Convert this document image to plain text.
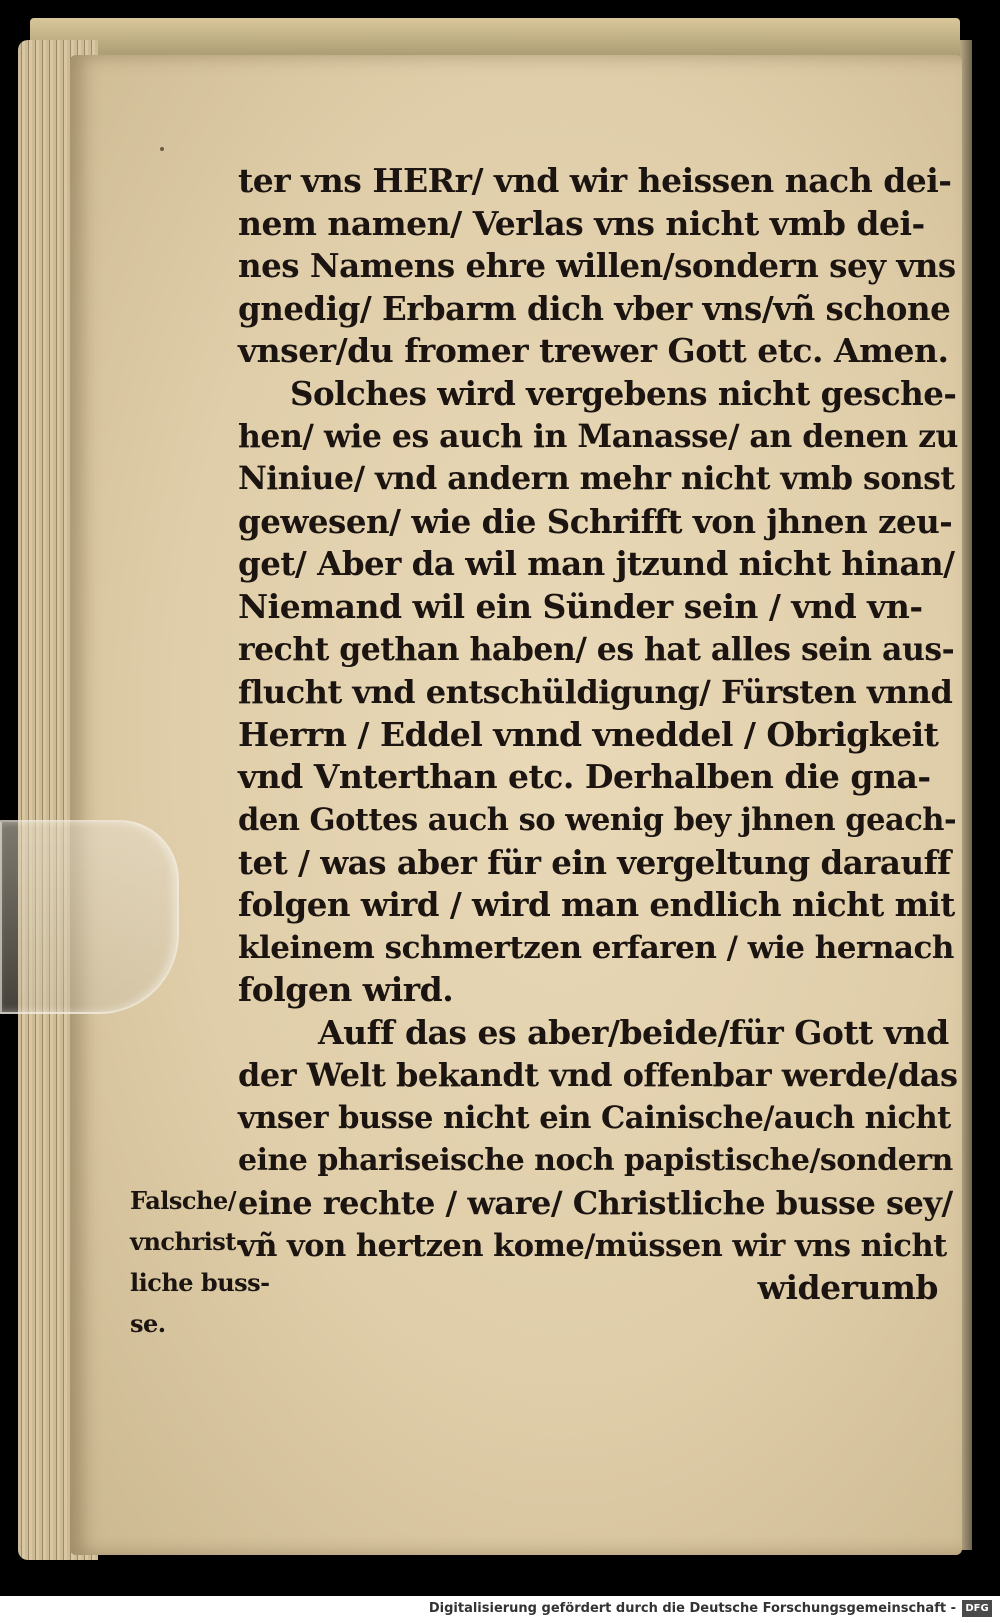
ter vns HERr/ vnd wir heissen nach dei-
nem namen/ Verlas vns nicht vmb dei-
nes Namens ehre willen/sondern sey vns
gnedig/ Erbarm dich vber vns/vñ schone
vnser/du fromer trewer Gott etc. Amen.
Solches wird vergebens nicht gesche-
hen/ wie es auch in Manasse/ an denen zu
Niniue/ vnd andern mehr nicht vmb sonst
gewesen/ wie die Schrifft von jhnen zeu-
get/ Aber da wil man jtzund nicht hinan/
Niemand wil ein Sünder sein / vnd vn-
recht gethan haben/ es hat alles sein aus-
flucht vnd entschüldigung/ Fürsten vnnd
Herrn / Eddel vnnd vneddel / Obrigkeit
vnd Vnterthan etc. Derhalben die gna-
den Gottes auch so wenig bey jhnen geach-
tet / was aber für ein vergeltung darauff
folgen wird / wird man endlich nicht mit
kleinem schmertzen erfaren / wie hernach
folgen wird.
Auff das es aber/beide/für Gott vnd
der Welt bekandt vnd offenbar werde/das
vnser busse nicht ein Cainische/auch nicht
eine phariseische noch papistische/sondern
eine rechte / ware/ Christliche busse sey/
vñ von hertzen kome/müssen wir vns nicht
widerumb
Falsche/
vnchrist-
liche buss-
se.
Digitalisierung gefördert durch die Deutsche Forschungsgemeinschaft - DFG
